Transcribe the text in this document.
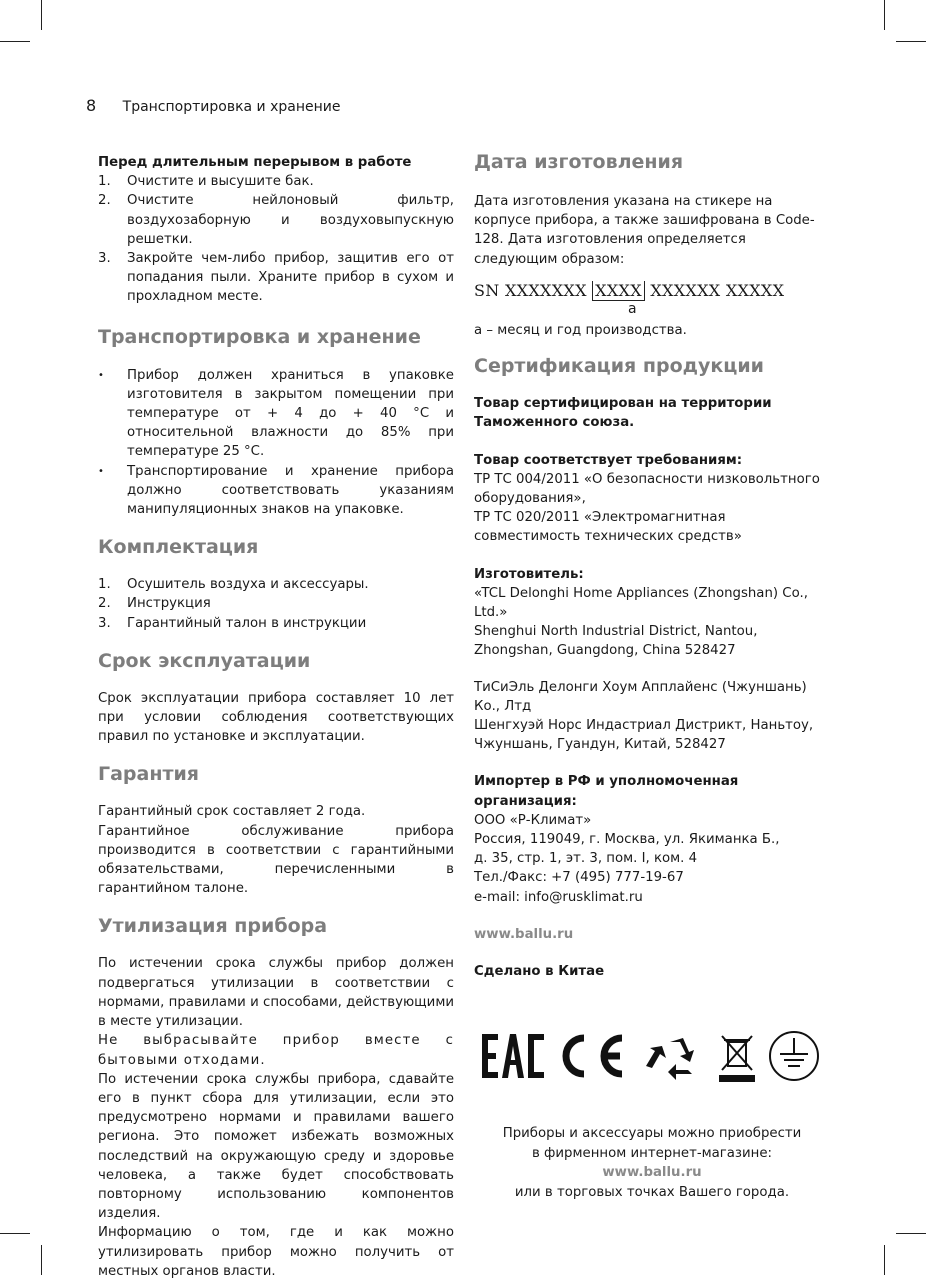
8 Транспортировка и хранение

Перед длительным перерывом в работе

1. Очистите и высушите бак.
2. Очистите нейлоновый фильтр, воздухозаборную и воздуховыпускную решетки.
3. Закройте чем-либо прибор, защитив его от попадания пыли. Храните прибор в сухом и прохладном месте.
Транспортировка и хранение
• Прибор должен храниться в упаковке изготовителя в закрытом помещении при температуре от + 4 до + 40 °С и относительной влажности до 85% при температуре 25 °С.
• Транспортирование и хранение прибора должно соответствовать указаниям манипуляционных знаков на упаковке.
Комплектация
1. Осушитель воздуха и аксессуары.
2. Инструкция
3. Гарантийный талон в инструкции
Срок эксплуатации

Срок эксплуатации прибора составляет 10 лет при условии соблюдения соответствующих правил по установке и эксплуатации.

Гарантия

Гарантийный срок составляет 2 года.

Гарантийное обслуживание прибора производится в соответствии с гарантийными обязательствами, перечисленными в гарантийном талоне.

Утилизация прибора

По истечении срока службы прибор должен подвергаться утилизации в соответствии с нормами, правилами и способами, действующими в месте утилизации.

Не выбрасывайте прибор вместе с бытовыми отходами.

По истечении срока службы прибора, сдавайте его в пункт сбора для утилизации, если это предусмотрено нормами и правилами вашего региона. Это поможет избежать возможных последствий на окружающую среду и здоровье человека, а также будет способствовать повторному использованию компонентов изделия.

Информацию о том, где и как можно утилизировать прибор можно получить от местных органов власти.

Дата изготовления

Дата изготовления указана на стикере на корпусе прибора, а также зашифрована в Code-128. Дата изготовления определяется следующим образом:

SN XXXXXXX XXXX XXXXXX XXXXX
a

а – месяц и год производства.

Сертификация продукции

Товар сертифицирован на территории

Таможенного союза.

Товар соответствует требованиям:

ТР ТС 004/2011 «О безопасности низковольтного оборудования»,

ТР ТС 020/2011 «Электромагнитная совместимость технических средств»

Изготовитель:

«TCL Delonghi Home Appliances (Zhongshan) Co., Ltd.»

Shenghui North Industrial District, Nantou, Zhongshan, Guangdong, China 528427

ТиСиЭль Делонги Хоум Апплайенс (Чжуншань) Ко., Лтд

Шенгхуэй Норс Индастриал Дистрикт, Наньтоу, Чжуншань, Гуандун, Китай, 528427

Импортер в РФ и уполномоченная организация:

ООО «Р-Климат»

Россия, 119049, г. Москва, ул. Якиманка Б.,

д. 35, стр. 1, эт. 3, пом. I, ком. 4

Тел./Факс: +7 (495) 777-19-67

e-mail: info@rusklimat.ru

www.ballu.ru

Сделано в Китае

Приборы и аксессуары можно приобрести

в фирменном интернет-магазине:

www.ballu.ru

или в торговых точках Вашего города.
